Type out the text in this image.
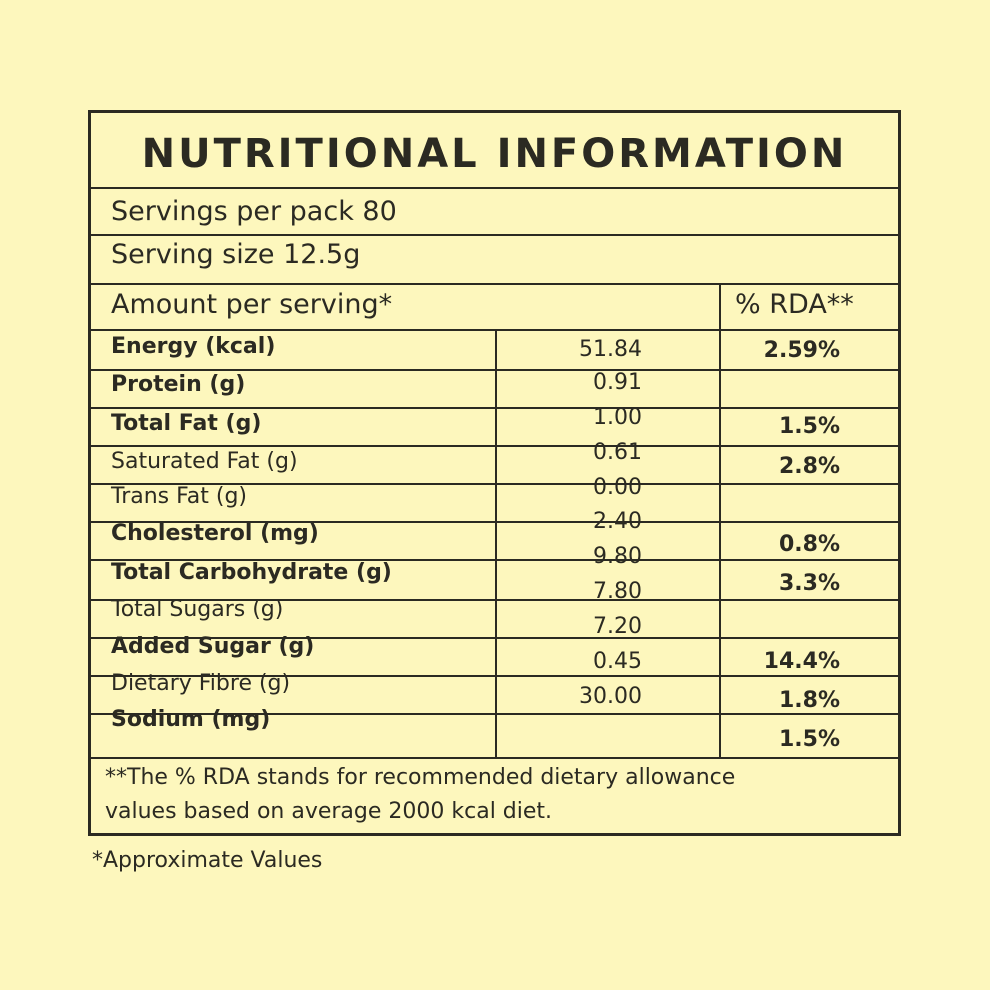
NUTRITIONAL INFORMATION
Servings per pack 80
Serving size 12.5g
Amount per serving*	% RDA**
Energy (kcal)
Protein (g)
Total Fat (g)
Saturated Fat (g)
Trans Fat (g)
Cholesterol (mg)
Total Carbohydrate (g)
Total Sugars (g)
Added Sugar (g)
Dietary Fibre (g)
Sodium (mg)
51.84
0.91
1.00
0.61
0.00
2.40
9.80
7.80
7.20
0.45
30.00
2.59%
1.5%
2.8%
0.8%
3.3%
14.4%
1.8%
1.5%
**The % RDA stands for recommended dietary allowance
values based on average 2000 kcal diet.
*Approximate Values
